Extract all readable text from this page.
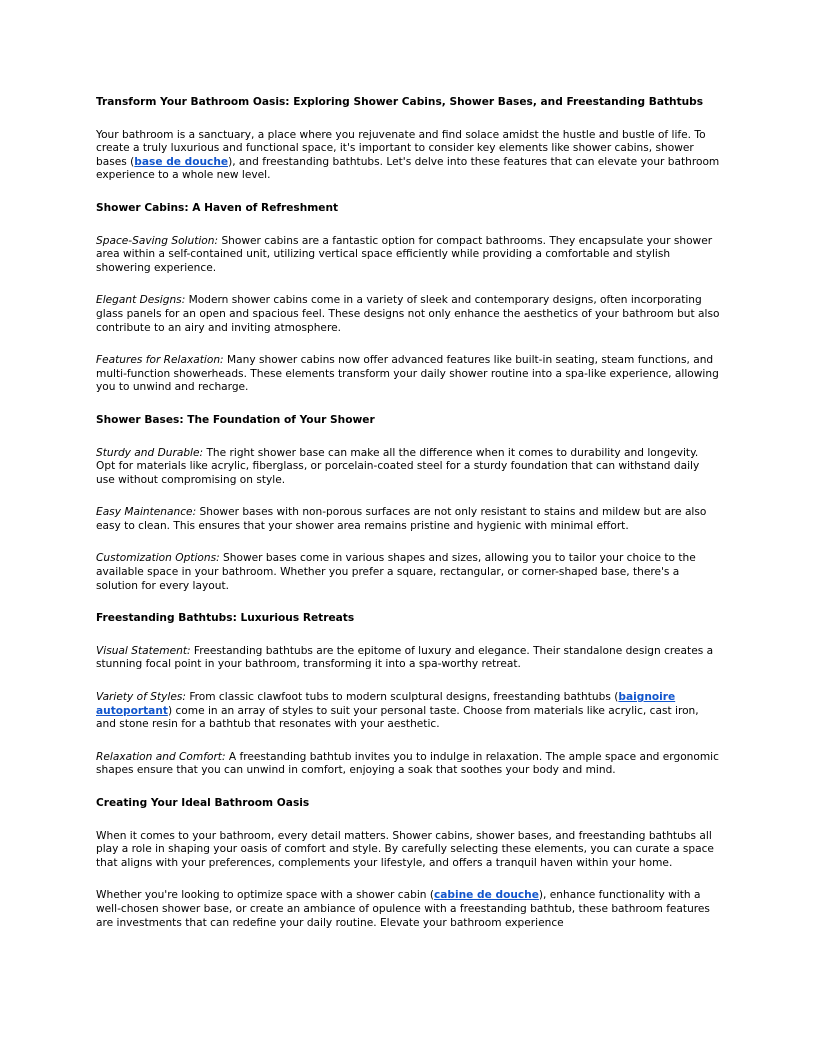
Transform Your Bathroom Oasis: Exploring Shower Cabins, Shower Bases, and Freestanding Bathtubs

Your bathroom is a sanctuary, a place where you rejuvenate and find solace amidst the hustle and bustle of life. To create a truly luxurious and functional space, it's important to consider key elements like shower cabins, shower bases (base de douche), and freestanding bathtubs. Let's delve into these features that can elevate your bathroom experience to a whole new level.

Shower Cabins: A Haven of Refreshment

Space-Saving Solution: Shower cabins are a fantastic option for compact bathrooms. They encapsulate your shower area within a self-contained unit, utilizing vertical space efficiently while providing a comfortable and stylish showering experience.

Elegant Designs: Modern shower cabins come in a variety of sleek and contemporary designs, often incorporating glass panels for an open and spacious feel. These designs not only enhance the aesthetics of your bathroom but also contribute to an airy and inviting atmosphere.

Features for Relaxation: Many shower cabins now offer advanced features like built-in seating, steam functions, and multi-function showerheads. These elements transform your daily shower routine into a spa-like experience, allowing you to unwind and recharge.

Shower Bases: The Foundation of Your Shower

Sturdy and Durable: The right shower base can make all the difference when it comes to durability and longevity. Opt for materials like acrylic, fiberglass, or porcelain-coated steel for a sturdy foundation that can withstand daily use without compromising on style.

Easy Maintenance: Shower bases with non-porous surfaces are not only resistant to stains and mildew but are also easy to clean. This ensures that your shower area remains pristine and hygienic with minimal effort.

Customization Options: Shower bases come in various shapes and sizes, allowing you to tailor your choice to the available space in your bathroom. Whether you prefer a square, rectangular, or corner-shaped base, there's a solution for every layout.

Freestanding Bathtubs: Luxurious Retreats

Visual Statement: Freestanding bathtubs are the epitome of luxury and elegance. Their standalone design creates a stunning focal point in your bathroom, transforming it into a spa-worthy retreat.

Variety of Styles: From classic clawfoot tubs to modern sculptural designs, freestanding bathtubs (baignoire autoportant) come in an array of styles to suit your personal taste. Choose from materials like acrylic, cast iron, and stone resin for a bathtub that resonates with your aesthetic.

Relaxation and Comfort: A freestanding bathtub invites you to indulge in relaxation. The ample space and ergonomic shapes ensure that you can unwind in comfort, enjoying a soak that soothes your body and mind.

Creating Your Ideal Bathroom Oasis

When it comes to your bathroom, every detail matters. Shower cabins, shower bases, and freestanding bathtubs all play a role in shaping your oasis of comfort and style. By carefully selecting these elements, you can curate a space that aligns with your preferences, complements your lifestyle, and offers a tranquil haven within your home.

Whether you're looking to optimize space with a shower cabin (cabine de douche), enhance functionality with a well-chosen shower base, or create an ambiance of opulence with a freestanding bathtub, these bathroom features are investments that can redefine your daily routine. Elevate your bathroom experience
